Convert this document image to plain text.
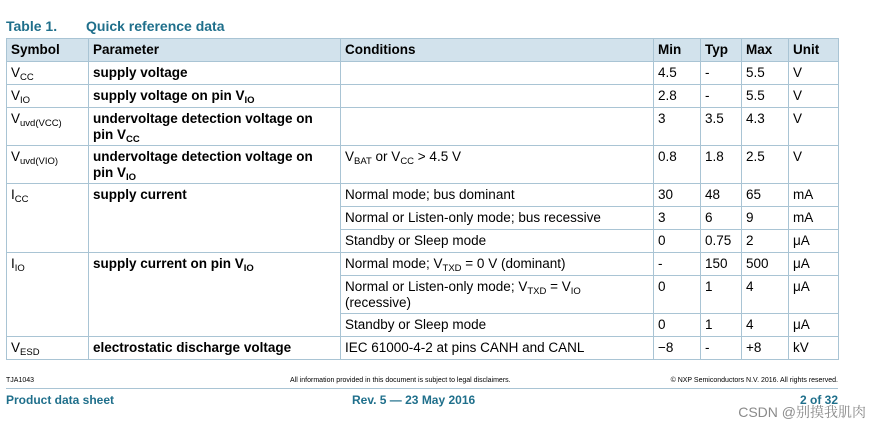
Table 1. Quick reference data
Symbol	Parameter	Conditions	Min	Typ	Max	Unit
$V_{CC}$	supply voltage		4.5	-	5.5	V
$V_{IO}$	supply voltage on pin $V_{IO}$		2.8	-	5.5	V
$V_{uvd(VCC)}$	undervoltage detection voltage on pin $V_{CC}$		3	3.5	4.3	V
$V_{uvd(VIO)}$	undervoltage detection voltage on pin $V_{IO}$	$V_{BAT}$ or $V_{CC} > 4.5$ V	0.8	1.8	2.5	V
$I_{CC}$	supply current	Normal mode; bus dominant	30	48	65	mA
		Normal or Listen-only mode; bus recessive	3	6	9	mA
		Standby or Sleep mode	0	0.75	2	μA
$I_{IO}$	supply current on pin $V_{IO}$	Normal mode; $V_{TXD} = 0$ V (dominant)	-	150	500	μA
		Normal or Listen-only mode; $V_{TXD} = V_{IO}$ (recessive)	0	1	4	μA
		Standby or Sleep mode	0	1	4	μA
$V_{ESD}$	electrostatic discharge voltage	IEC 61000-4-2 at pins CANH and CANL	−8	-	+8	kV
TJA1043	All information provided in this document is subject to legal disclaimers.	© NXP Semiconductors N.V. 2016. All rights reserved.
Product data sheet	Rev. 5 — 23 May 2016	2 of 32
CSDN @别摸我肌肉
